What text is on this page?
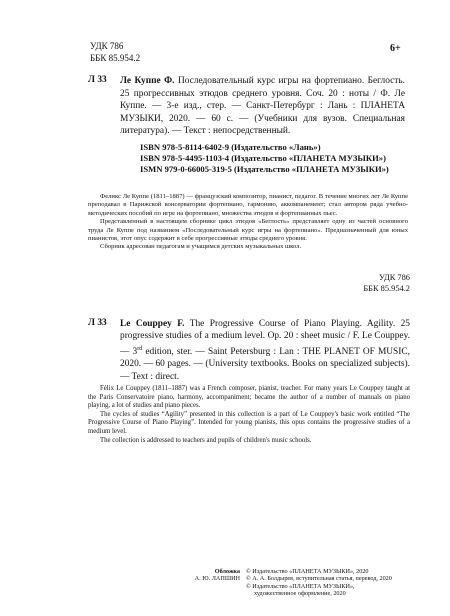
УДК 786
ББК 85.954.2
6+
Л 33 Ле Куппе Ф. Последовательный курс игры на фортепиано. Беглость. 25 прогрессивных этюдов среднего уровня. Соч. 20 : ноты / Ф. Ле Куппе. — 3-е изд., стер. — Санкт-Петербург : Лань : ПЛАНЕТА МУЗЫКИ, 2020. — 60 с. — (Учебники для вузов. Специальная литература). — Текст : непосредственный.
ISBN 978-5-8114-6402-9 (Издательство «Лань»)
ISBN 978-5-4495-1103-4 (Издательство «ПЛАНЕТА МУЗЫКИ»)
ISMN 979-0-66005-319-5 (Издательство «ПЛАНЕТА МУЗЫКИ»)

Феликс Ле Куппе (1811–1887) — французский композитор, пианист, педагог. В течение многих лет Ле Куппе преподавал в Парижской консерватории фортепиано, гармонию, аккомпанемент; стал автором ряда учебно-методических пособий по игре на фортепиано, множества этюдов и фортепианных пьес.

Представленный в настоящем сборнике цикл этюдов «Беглость» представляет одну из частей основного труда Ле Куппе под названием «Последовательный курс игры на фортепиано». Предназначенный для юных пианистов, этот опус содержит в себе прогрессивные этюды среднего уровня.

Сборник адресован педагогам и учащимся детских музыкальных школ.

УДК 786
ББК 85.954.2
Л 33 Le Couppey F. The Progressive Course of Piano Playing. Agility. 25 progressive studies of a medium level. Op. 20 : sheet music / F. Le Couppey. — 3rd edition, ster. — Saint Petersburg : Lan : THE PLANET OF MUSIC, 2020. — 60 pages. — (University textbooks. Books on specialized subjects). — Text : direct.

Félix Le Couppey (1811–1887) was a French composer, pianist, teacher. For many years Le Couppey taught at the Paris Conservatoire piano, harmony, accompaniment; became the author of a number of manuals on piano playing, a lot of studies and piano pieces.

The cycles of studies “Agility” presented in this collection is a part of Le Couppey's basic work entitled “The Progressive Course of Piano Playing”. Intended for young pianists, this opus contains the progressive studies of a medium level.

The collection is addressed to teachers and pupils of children's music schools.

Обложка
А. Ю. ЛАПШИН
© Издательство «ПЛАНЕТА МУЗЫКИ», 2020
© А. А. Болдырев, вступительная статья, перевод, 2020
© Издательство «ПЛАНЕТА МУЗЫКИ»,
художественное оформление, 2020
